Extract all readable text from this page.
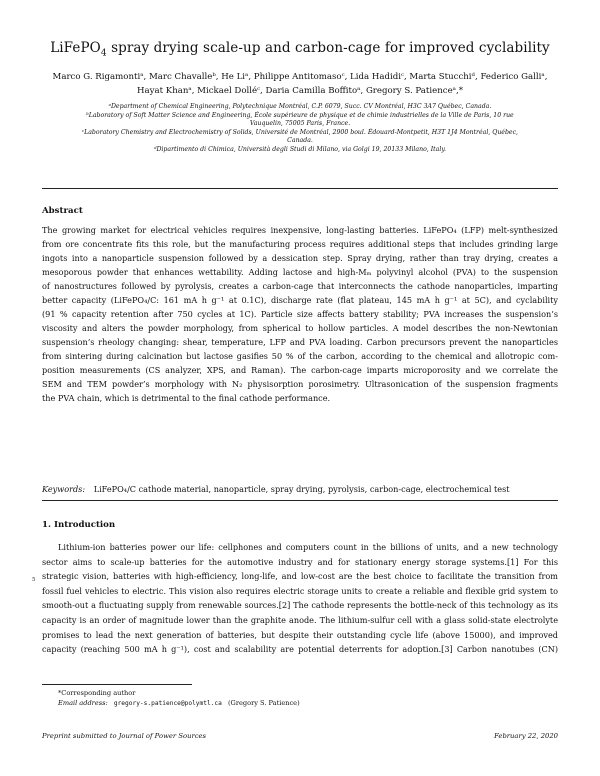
LiFePO$_4$ spray drying scale-up and carbon-cage for improved cyclability
Marco G. Rigamontiᵃ, Marc Chavalleᵇ, He Liᵃ, Philippe Antitomasoᶜ, Lida Hadidiᶜ, Marta Stucchiᵈ, Federico Galliᵃ,
Hayat Khanᵃ, Mickael Dolléᶜ, Daria Camilla Boffitoᵃ, Gregory S. Patienceᵃ,*
ᵃDepartment of Chemical Engineering, Polytechnique Montréal, C.P. 6079, Succ. CV Montréal, H3C 3A7 Québec, Canada.
ᵇLaboratory of Soft Matter Science and Engineering, École supérieure de physique et de chimie industrielles de la Ville de Paris, 10 rue
Vauquelin, 75005 Paris, France.
ᶜLaboratory Chemistry and Electrochemistry of Solids, Université de Montréal, 2900 boul. Édouard-Montpetit, H3T 1J4 Montréal, Québec,
Canada.
ᵈDipartimento di Chimica, Università degli Studi di Milano, via Golgi 19, 20133 Milano, Italy.
Abstract
The growing market for electrical vehicles requires inexpensive, long-lasting batteries. LiFePO₄ (LFP) melt-synthesized
from ore concentrate fits this role, but the manufacturing process requires additional steps that includes grinding large
ingots into a nanoparticle suspension followed by a dessication step. Spray drying, rather than tray drying, creates a
mesoporous powder that enhances wettability. Adding lactose and high-Mₘ polyvinyl alcohol (PVA) to the suspension
of nanostructures followed by pyrolysis, creates a carbon-cage that interconnects the cathode nanoparticles, imparting
better capacity (LiFePO₄/C: 161 mA h g⁻¹ at 0.1C), discharge rate (flat plateau, 145 mA h g⁻¹ at 5C), and cyclability
(91 % capacity retention after 750 cycles at 1C). Particle size affects battery stability; PVA increases the suspension’s
viscosity and alters the powder morphology, from spherical to hollow particles. A model describes the non-Newtonian
suspension’s rheology changing: shear, temperature, LFP and PVA loading. Carbon precursors prevent the nanoparticles
from sintering during calcination but lactose gasifies 50 % of the carbon, according to the chemical and allotropic com-
position measurements (CS analyzer, XPS, and Raman). The carbon-cage imparts microporosity and we correlate the
SEM and TEM powder’s morphology with N₂ physisorption porosimetry. Ultrasonication of the suspension fragments
the PVA chain, which is detrimental to the final cathode performance.
Keywords: LiFePO₄/C cathode material, nanoparticle, spray drying, pyrolysis, carbon-cage, electrochemical test
1. Introduction
5
Lithium-ion batteries power our life: cellphones and computers count in the billions of units, and a new technology
sector aims to scale-up batteries for the automotive industry and for stationary energy storage systems.[1] For this
strategic vision, batteries with high-efficiency, long-life, and low-cost are the best choice to facilitate the transition from
fossil fuel vehicles to electric. This vision also requires electric storage units to create a reliable and flexible grid system to
smooth-out a fluctuating supply from renewable sources.[2] The cathode represents the bottle-neck of this technology as its
capacity is an order of magnitude lower than the graphite anode. The lithium-sulfur cell with a glass solid-state electrolyte
promises to lead the next generation of batteries, but despite their outstanding cycle life (above 15000), and improved
capacity (reaching 500 mA h g⁻¹), cost and scalability are potential deterrents for adoption.[3] Carbon nanotubes (CN)
*Corresponding author
Email address: gregory-s.patience@polymtl.ca (Gregory S. Patience)
Preprint submitted to Journal of Power Sources	February 22, 2020
